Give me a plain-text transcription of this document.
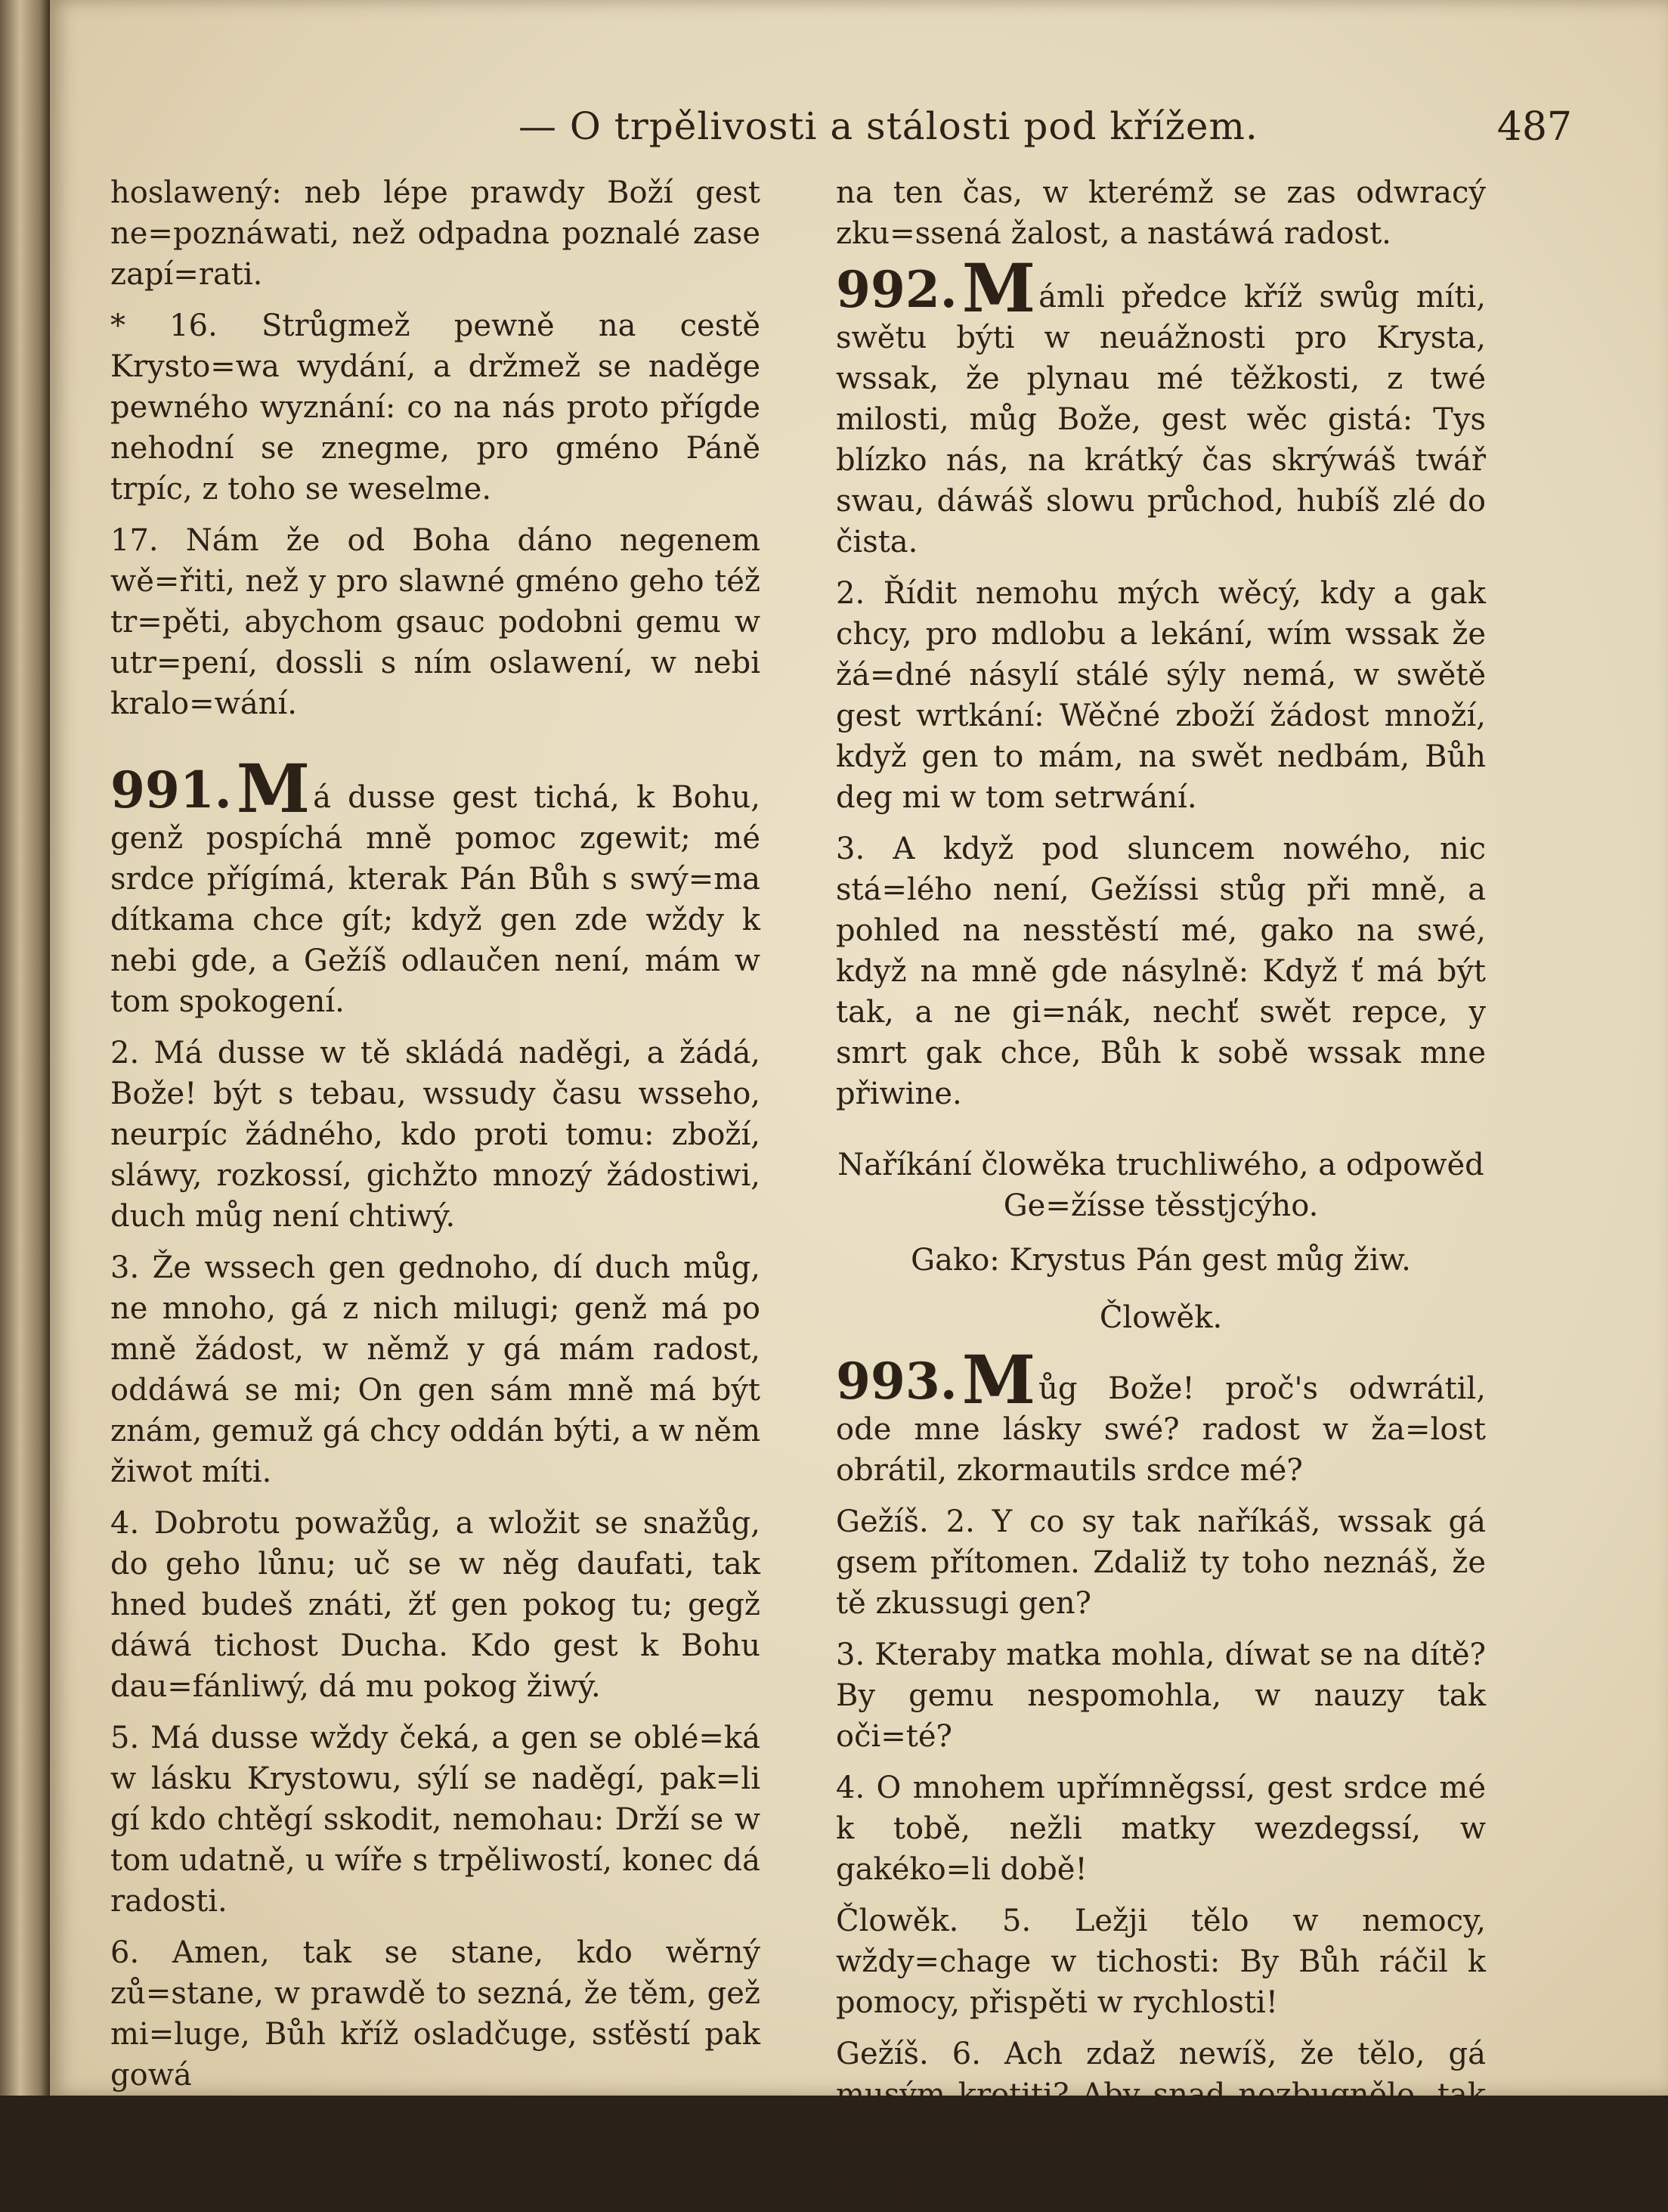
— O trpělivosti a stálosti pod křížem.	487

hoslawený: neb lépe prawdy Boží gest ne=poznáwati, než odpadna poznalé zase zapí=rati.

* 16. Strůgmež pewně na cestě Krysto=wa wydání, a držmež se naděge pewného wyznání: co na nás proto přígde nehodní se znegme, pro gméno Páně trpíc, z toho se weselme.

17. Nám že od Boha dáno negenem wě=řiti, než y pro slawné gméno geho též tr=pěti, abychom gsauc podobni gemu w utr=pení, dossli s ním oslawení, w nebi kralo=wání.

991.M á dusse gest tichá, k Bohu, genž pospíchá mně pomoc zgewit; mé srdce přígímá, kterak Pán Bůh s swý=ma dítkama chce gít; když gen zde wždy k nebi gde, a Gežíš odlaučen není, mám w tom spokogení.

2. Má dusse w tě skládá naděgi, a žádá, Bože! být s tebau, wssudy času wsseho, neurpíc žádného, kdo proti tomu: zboží, sláwy, rozkossí, gichžto mnozý žádostiwi, duch můg není chtiwý.

3. Že wssech gen gednoho, dí duch můg, ne mnoho, gá z nich milugi; genž má po mně žádost, w němž y gá mám radost, oddáwá se mi; On gen sám mně má být znám, gemuž gá chcy oddán býti, a w něm žiwot míti.

4. Dobrotu powažůg, a wložit se snažůg, do geho lůnu; uč se w něg daufati, tak hned budeš znáti, žť gen pokog tu; gegž dáwá tichost Ducha. Kdo gest k Bohu dau=fánliwý, dá mu pokog žiwý.

5. Má dusse wždy čeká, a gen se oblé=ká w lásku Krystowu, sýlí se naděgí, pak=li gí kdo chtěgí sskodit, nemohau: Drží se w tom udatně, u wíře s trpěliwostí, konec dá radosti.

6. Amen, tak se stane, kdo wěrný zů=stane, w prawdě to sezná, že těm, gež mi=luge, Bůh kříž osladčuge, ssťěstí pak gowá

na ten čas, w kterémž se zas odwracý zku=ssená žalost, a nastáwá radost.

992.M ámli předce kříž swůg míti, swětu býti w neuážnosti pro Krysta, wssak, že plynau mé těžkosti, z twé milosti, můg Bože, gest wěc gistá: Tys blízko nás, na krátký čas skrýwáš twář swau, dáwáš slowu průchod, hubíš zlé do čista.

2. Řídit nemohu mých wěcý, kdy a gak chcy, pro mdlobu a lekání, wím wssak že žá=dné násylí stálé sýly nemá, w swětě gest wrtkání: Wěčné zboží žádost množí, když gen to mám, na swět nedbám, Bůh deg mi w tom setrwání.

3. A když pod sluncem nowého, nic stá=lého není, Gežíssi stůg při mně, a pohled na nesstěstí mé, gako na swé, když na mně gde násylně: Když ť má být tak, a ne gi=nák, nechť swět repce, y smrt gak chce, Bůh k sobě wssak mne přiwine.

Naříkání člowěka truchliwého, a odpowěd Ge=žísse těsstjcýho.

Gako: Krystus Pán gest můg žiw.

Člowěk.

993.M ůg Bože! proč's odwrátil, ode mne lásky swé? radost w ža=lost obrátil, zkormautils srdce mé?

Gežíš. 2. Y co sy tak naříkáš, wssak gá gsem přítomen. Zdaliž ty toho neznáš, že tě zkussugi gen?

3. Kteraby matka mohla, díwat se na dítě? By gemu nespomohla, w nauzy tak oči=té?

4. O mnohem upřímněgssí, gest srdce mé k tobě, nežli matky wezdegssí, w gakéko=li době!

Člowěk. 5. Ležji tělo w nemocy, wždy=chage w tichosti: By Bůh ráčil k pomocy, přispěti w rychlosti!

Gežíš. 6. Ach zdaž newíš, že tělo, gá musým krotiti? Aby snad nezbugnělo, tak hřjchům brániti.

P p p	Člo=
